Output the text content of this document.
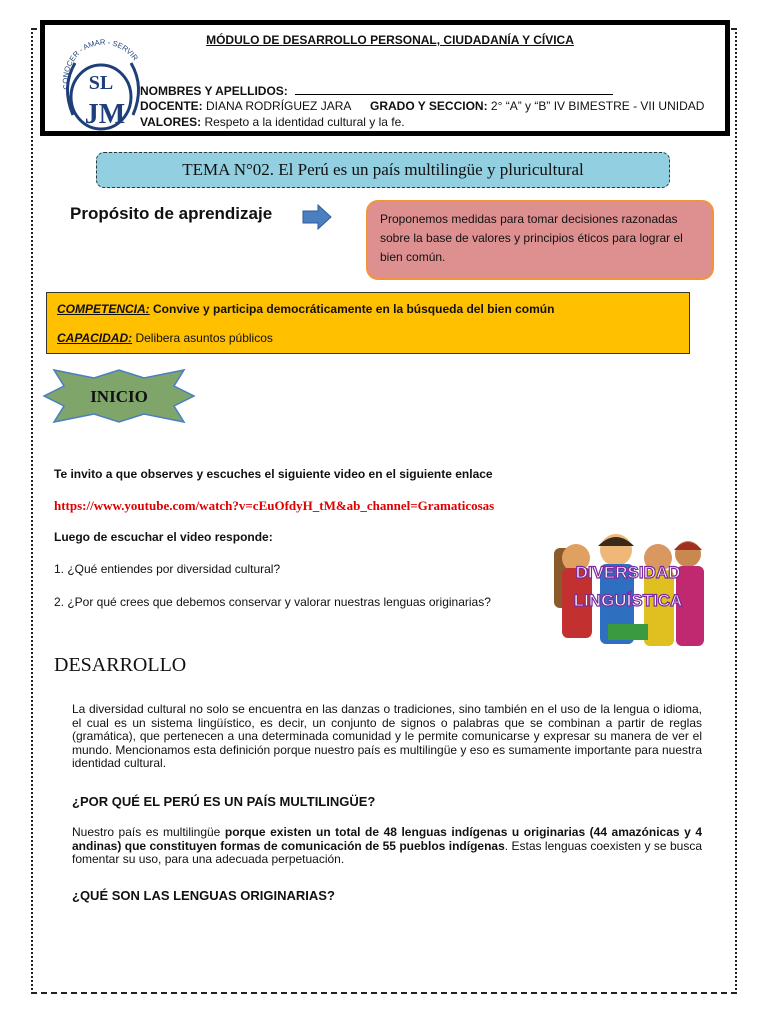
MÓDULO DE DESARROLLO PERSONAL, CIUDADANÍA Y CÍVICA
CONOCER - AMAR - SERVIR
SL
JM
NOMBRES Y APELLIDOS:
DOCENTE: DIANA RODRÍGUEZ JARA GRADO Y SECCION: 2° “A” y “B” IV BIMESTRE - VII UNIDAD
VALORES: Respeto a la identidad cultural y la fe.
TEMA N°02. El Perú es un país multilingüe y pluricultural
Propósito de aprendizaje	Proponemos medidas para tomar decisiones razonadas sobre la base de valores y principios éticos para lograr el bien común.
COMPETENCIA: Convive y participa democráticamente en la búsqueda del bien común
CAPACIDAD: Delibera asuntos públicos
INICIO
Te invito a que observes y escuches el siguiente video en el siguiente enlace
https://www.youtube.com/watch?v=cEuOfdyH_tM&ab_channel=Gramaticosas
Luego de escuchar el video responde:
1. ¿Qué entiendes por diversidad cultural?
2. ¿Por qué crees que debemos conservar y valorar nuestras lenguas originarias?
DIVERSIDAD
LINGUÍSTICA
DESARROLLO
La diversidad cultural no solo se encuentra en las danzas o tradiciones, sino también en el uso de la lengua o idioma, el cual es un sistema lingüístico, es decir, un conjunto de signos o palabras que se combinan a partir de reglas (gramática), que pertenecen a una determinada comunidad y le permite comunicarse y expresar su manera de ver el mundo. Mencionamos esta definición porque nuestro país es multilingüe y eso es sumamente importante para nuestra identidad cultural.
¿POR QUÉ EL PERÚ ES UN PAÍS MULTILINGÜE?
Nuestro país es multilingüe porque existen un total de 48 lenguas indígenas u originarias (44 amazónicas y 4 andinas) que constituyen formas de comunicación de 55 pueblos indígenas. Estas lenguas coexisten y se busca fomentar su uso, para una adecuada perpetuación.
¿QUÉ SON LAS LENGUAS ORIGINARIAS?
